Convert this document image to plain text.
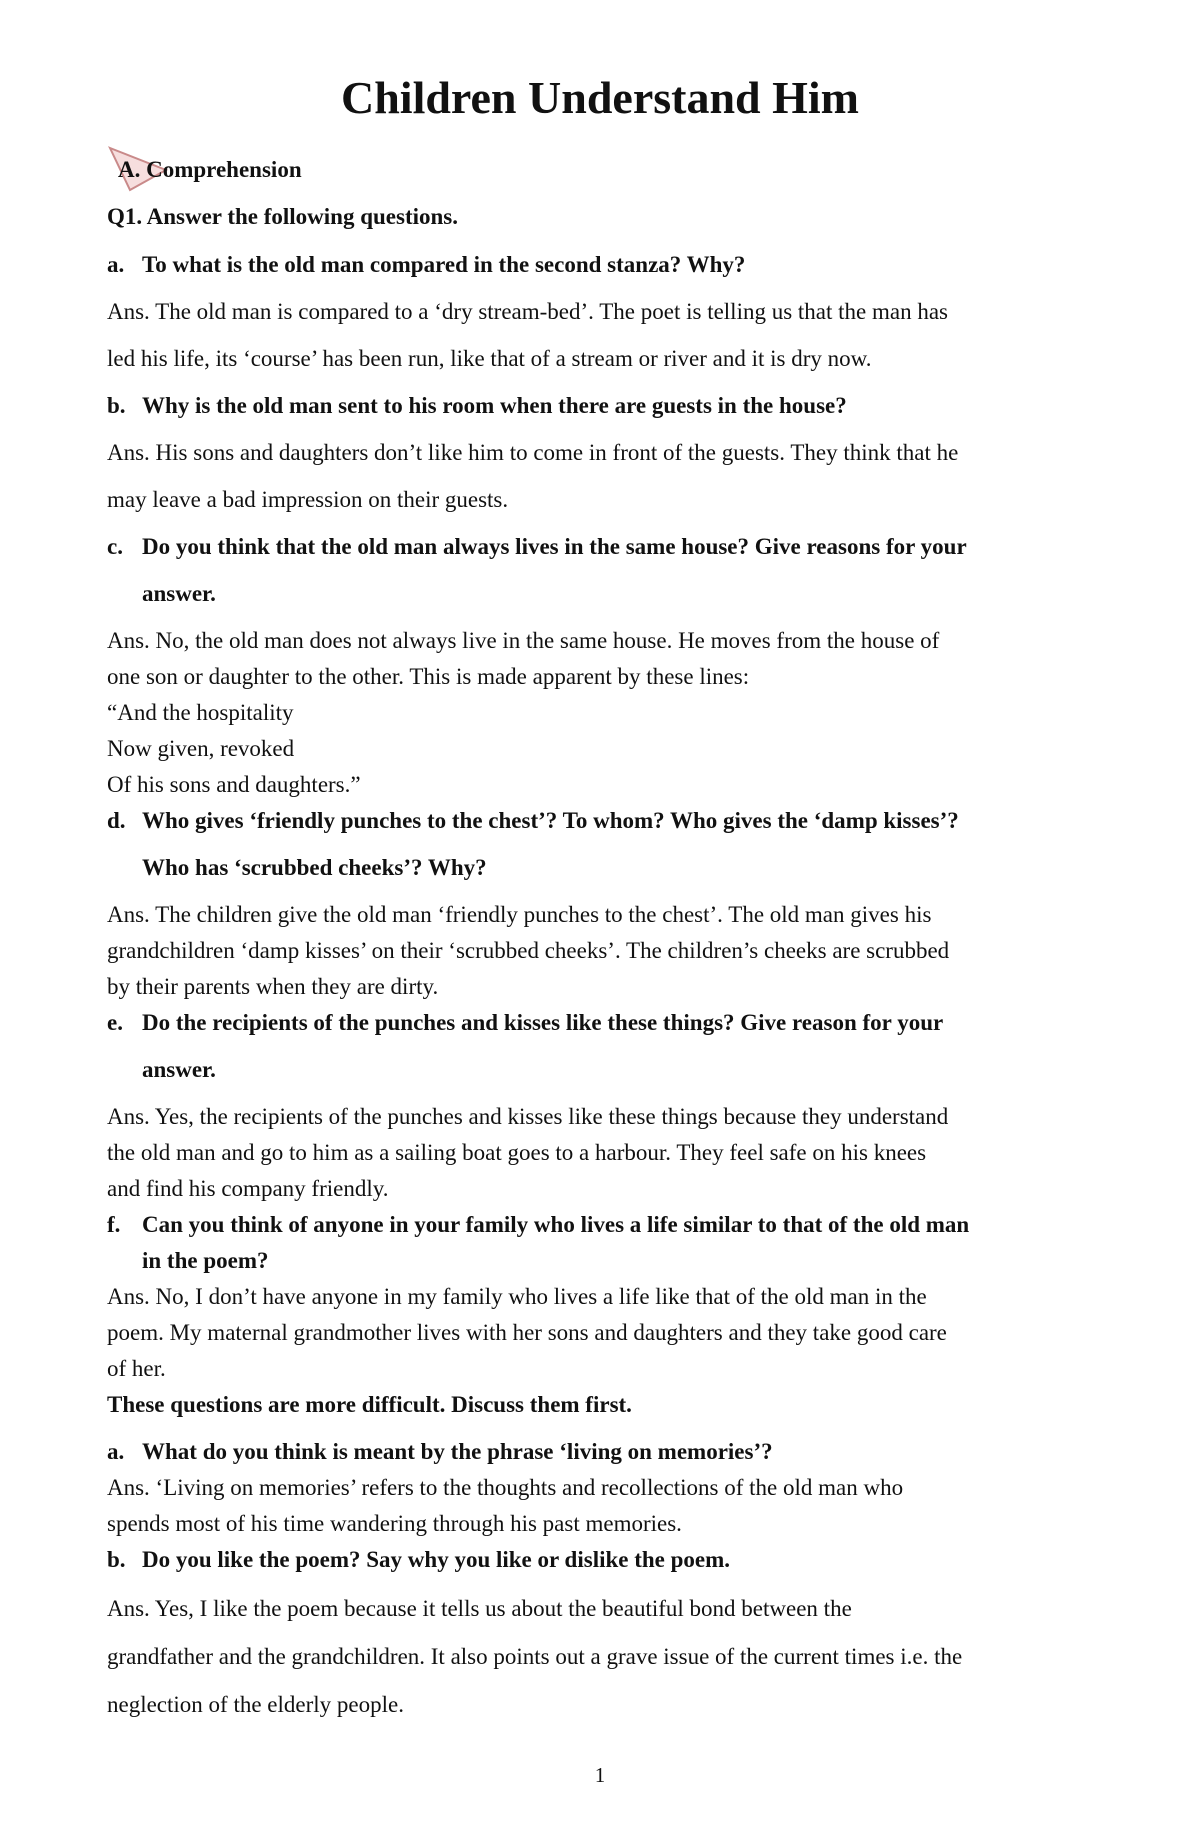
Children Understand Him
A. Comprehension
Q1. Answer the following questions.
a. To what is the old man compared in the second stanza? Why?
Ans. The old man is compared to a ‘dry stream-bed’. The poet is telling us that the man has
led his life, its ‘course’ has been run, like that of a stream or river and it is dry now.
b. Why is the old man sent to his room when there are guests in the house?
Ans. His sons and daughters don’t like him to come in front of the guests. They think that he
may leave a bad impression on their guests.
c. Do you think that the old man always lives in the same house? Give reasons for your
answer.
Ans. No, the old man does not always live in the same house. He moves from the house of
one son or daughter to the other. This is made apparent by these lines:
“And the hospitality
Now given, revoked
Of his sons and daughters.”
d. Who gives ‘friendly punches to the chest’? To whom? Who gives the ‘damp kisses’?
Who has ‘scrubbed cheeks’? Why?
Ans. The children give the old man ‘friendly punches to the chest’. The old man gives his
grandchildren ‘damp kisses’ on their ‘scrubbed cheeks’. The children’s cheeks are scrubbed
by their parents when they are dirty.
e. Do the recipients of the punches and kisses like these things? Give reason for your
answer.
Ans. Yes, the recipients of the punches and kisses like these things because they understand
the old man and go to him as a sailing boat goes to a harbour. They feel safe on his knees
and find his company friendly.
f. Can you think of anyone in your family who lives a life similar to that of the old man
in the poem?
Ans. No, I don’t have anyone in my family who lives a life like that of the old man in the
poem. My maternal grandmother lives with her sons and daughters and they take good care
of her.
These questions are more difficult. Discuss them first.
a. What do you think is meant by the phrase ‘living on memories’?
Ans. ‘Living on memories’ refers to the thoughts and recollections of the old man who
spends most of his time wandering through his past memories.
b. Do you like the poem? Say why you like or dislike the poem.
Ans. Yes, I like the poem because it tells us about the beautiful bond between the
grandfather and the grandchildren. It also points out a grave issue of the current times i.e. the
neglection of the elderly people.
1
